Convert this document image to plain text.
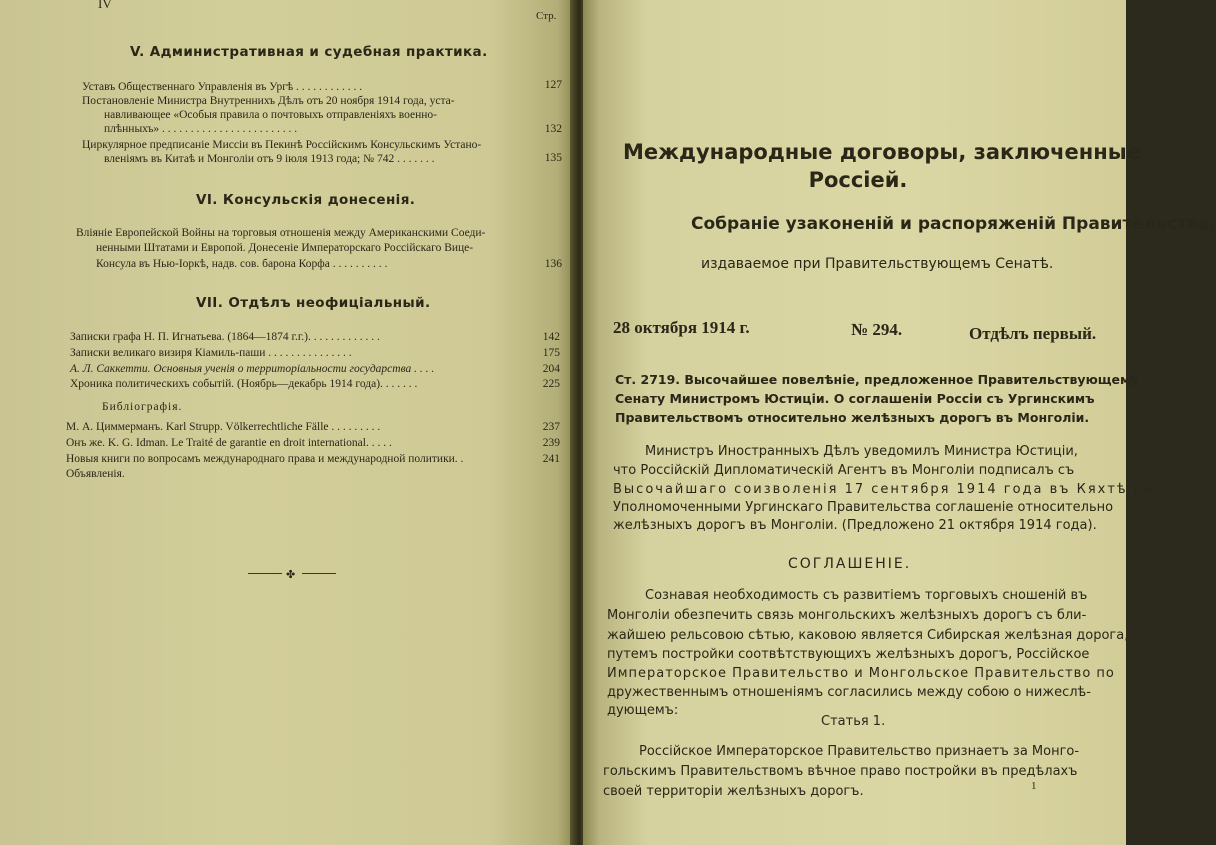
IV
Стр.
V. Административная и судебная практика.
Уставъ Общественнаго Управленія въ Ургѣ . . . . . . . . . . . .	127
Постановленіе Министра Внутреннихъ Дѣлъ отъ 20 ноября 1914 года, уста-
навливающее «Особыя правила о почтовыхъ отправленіяхъ военно-
плѣнныхъ» . . . . . . . . . . . . . . . . . . . . . . . .	132
Циркулярное предписаніе Миссіи въ Пекинѣ Россійскимъ Консульскимъ Устано-
вленіямъ въ Китаѣ и Монголіи отъ 9 іюля 1913 года; № 742 . . . . . . .	135
VI. Консульскія донесенія.
Вліяніе Европейской Войны на торговыя отношенія между Американскими Соеди-
ненными Штатами и Европой. Донесеніе Императорскаго Россійскаго Вице-
Консула въ Нью-Іоркѣ, надв. сов. барона Корфа . . . . . . . . . .	136
VII. Отдѣлъ неофиціальный.
Записки графа Н. П. Игнатьева. (1864—1874 г.г.). . . . . . . . . . . . .	142
Записки великаго визиря Кіамиль-паши . . . . . . . . . . . . . . .	175
А. Л. Саккетти. Основныя ученія о территоріальности государства . . . .	204
Хроника политическихъ событій. (Ноябрь—декабрь 1914 года). . . . . . .	225
Библіографія.
М. А. Циммерманъ. Karl Strupp. Völkerrechtliche Fälle . . . . . . . . .	237
Онъ же. K. G. Idman. Le Traité de garantie en droit international. . . . .	239
Новыя книги по вопросамъ международнаго права и международной политики. .	241
Объявленія.
✤
Международные договоры, заключенные
Россіей.
Собраніе узаконеній и распоряженій Правительства,
издаваемое при Правительствующемъ Сенатѣ.
28 октября 1914 г.	№ 294.	Отдѣлъ первый.
Ст. 2719. Высочайшее повелѣніе, предложенное Правительствующему
Сенату Министромъ Юстиціи. О соглашеніи Россіи съ Ургинскимъ
Правительствомъ относительно желѣзныхъ дорогъ въ Монголіи.
Министръ Иностранныхъ Дѣлъ уведомилъ Министра Юстиціи,
что Россійскій Дипломатическій Агентъ въ Монголіи подписалъ съ
Высочайшаго соизволенія 17 сентября 1914 года въ Кяхтѣ съ
Уполномоченными Ургинскаго Правительства соглашеніе относительно
желѣзныхъ дорогъ въ Монголіи. (Предложено 21 октября 1914 года).
СОГЛАШЕНІЕ.
Сознавая необходимость съ развитіемъ торговыхъ сношеній въ
Монголіи обезпечить связь монгольскихъ желѣзныхъ дорогъ съ бли-
жайшею рельсовою сѣтью, каковою является Сибирская желѣзная дорога,
путемъ постройки соотвѣтствующихъ желѣзныхъ дорогъ, Россійское
Императорское Правительство и Монгольское Правительство по
дружественнымъ отношеніямъ согласились между собою о нижеслѣ-
дующемъ:
Статья 1.
Россійское Императорское Правительство признаетъ за Монго-
гольскимъ Правительствомъ вѣчное право постройки въ предѣлахъ
своей территоріи желѣзныхъ дорогъ.	1
